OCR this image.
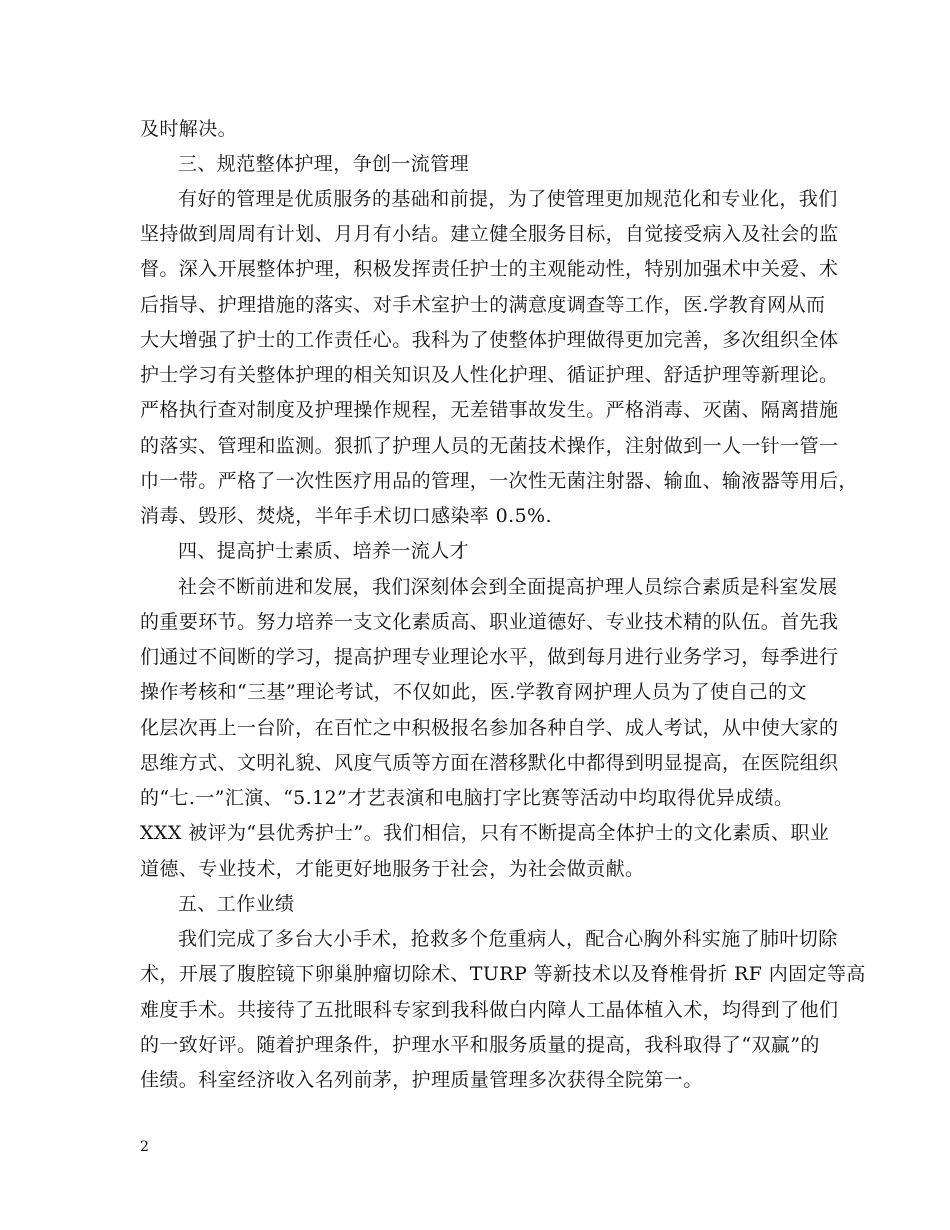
及时解决。
三、规范整体护理，争创一流管理
有好的管理是优质服务的基础和前提，为了使管理更加规范化和专业化，我们
坚持做到周周有计划、月月有小结。建立健全服务目标，自觉接受病入及社会的监
督。深入开展整体护理，积极发挥责任护士的主观能动性，特别加强术中关爱、术
后指导、护理措施的落实、对手术室护士的满意度调查等工作，医.学教育网从而
大大增强了护士的工作责任心。我科为了使整体护理做得更加完善，多次组织全体
护士学习有关整体护理的相关知识及人性化护理、循证护理、舒适护理等新理论。
严格执行查对制度及护理操作规程，无差错事故发生。严格消毒、灭菌、隔离措施
的落实、管理和监测。狠抓了护理人员的无菌技术操作，注射做到一人一针一管一
巾一带。严格了一次性医疗用品的管理，一次性无菌注射器、输血、输液器等用后，
消毒、毁形、焚烧，半年手术切口感染率 0.5%.
四、提高护士素质、培养一流人才
社会不断前进和发展，我们深刻体会到全面提高护理人员综合素质是科室发展
的重要环节。努力培养一支文化素质高、职业道德好、专业技术精的队伍。首先我
们通过不间断的学习，提高护理专业理论水平，做到每月进行业务学习，每季进行
操作考核和“三基”理论考试，不仅如此，医.学教育网护理人员为了使自己的文
化层次再上一台阶，在百忙之中积极报名参加各种自学、成人考试，从中使大家的
思维方式、文明礼貌、风度气质等方面在潜移默化中都得到明显提高，在医院组织
的“七.一”汇演、“5.12”才艺表演和电脑打字比赛等活动中均取得优异成绩。
XXX 被评为“县优秀护士”。我们相信，只有不断提高全体护士的文化素质、职业
道德、专业技术，才能更好地服务于社会，为社会做贡献。
五、工作业绩
我们完成了多台大小手术，抢救多个危重病人，配合心胸外科实施了肺叶切除
术，开展了腹腔镜下卵巢肿瘤切除术、TURP 等新技术以及脊椎骨折 RF 内固定等高
难度手术。共接待了五批眼科专家到我科做白内障人工晶体植入术，均得到了他们
的一致好评。随着护理条件，护理水平和服务质量的提高，我科取得了“双赢”的
佳绩。科室经济收入名列前茅，护理质量管理多次获得全院第一。
2
